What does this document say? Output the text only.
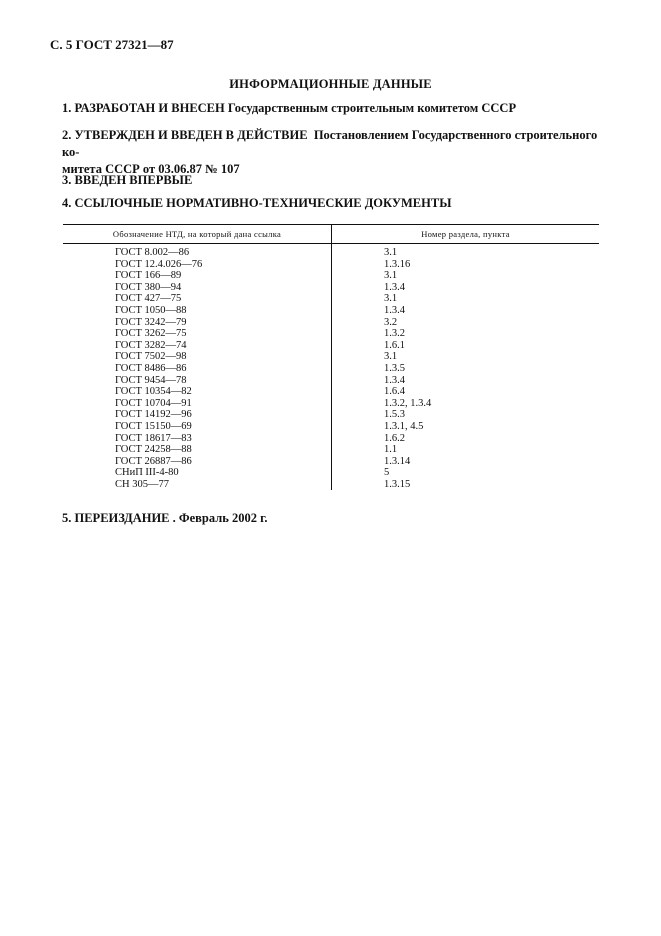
С. 5 ГОСТ 27321—87
ИНФОРМАЦИОННЫЕ ДАННЫЕ
1. РАЗРАБОТАН И ВНЕСЕН Государственным строительным комитетом СССР
2. УТВЕРЖДЕН И ВВЕДЕН В ДЕЙСТВИЕ Постановлением Государственного строительного ко-
митета СССР от 03.06.87 № 107
3. ВВЕДЕН ВПЕРВЫЕ
4. ССЫЛОЧНЫЕ НОРМАТИВНО-ТЕХНИЧЕСКИЕ ДОКУМЕНТЫ
Обозначение НТД, на который дана ссылка	Номер раздела, пункта
ГОСТ 8.002—86	3.1
ГОСТ 12.4.026—76	1.3.16
ГОСТ 166—89	3.1
ГОСТ 380—94	1.3.4
ГОСТ 427—75	3.1
ГОСТ 1050—88	1.3.4
ГОСТ 3242—79	3.2
ГОСТ 3262—75	1.3.2
ГОСТ 3282—74	1.6.1
ГОСТ 7502—98	3.1
ГОСТ 8486—86	1.3.5
ГОСТ 9454—78	1.3.4
ГОСТ 10354—82	1.6.4
ГОСТ 10704—91	1.3.2, 1.3.4
ГОСТ 14192—96	1.5.3
ГОСТ 15150—69	1.3.1, 4.5
ГОСТ 18617—83	1.6.2
ГОСТ 24258—88	1.1
ГОСТ 26887—86	1.3.14
СНиП III-4-80	5
СН 305—77	1.3.15
5. ПЕРЕИЗДАНИЕ . Февраль 2002 г.
